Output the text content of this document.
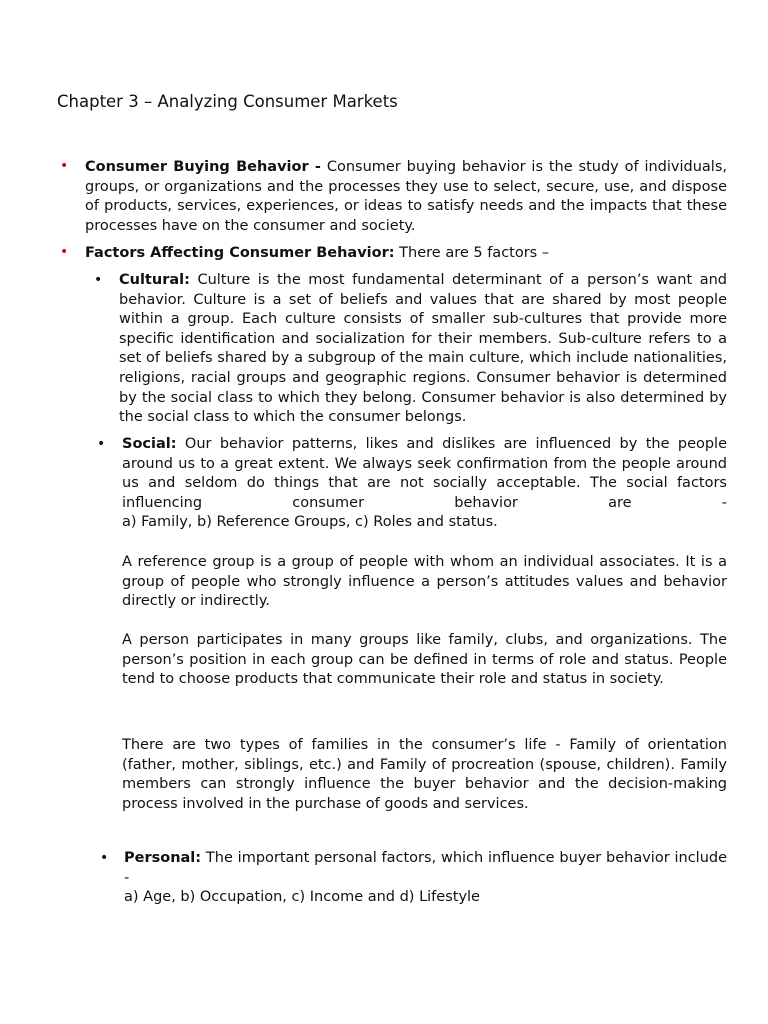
Chapter 3 – Analyzing Consumer Markets
• Consumer Buying Behavior - Consumer buying behavior is the study of individuals, groups, or organizations and the processes they use to select, secure, use, and dispose of products, services, experiences, or ideas to satisfy needs and the impacts that these processes have on the consumer and society.
• Factors Affecting Consumer Behavior: There are 5 factors –
• Cultural: Culture is the most fundamental determinant of a person’s want and behavior. Culture is a set of beliefs and values that are shared by most people within a group. Each culture consists of smaller sub-cultures that provide more specific identification and socialization for their members. Sub-culture refers to a set of beliefs shared by a subgroup of the main culture, which include nationalities, religions, racial groups and geographic regions. Consumer behavior is determined by the social class to which they belong. Consumer behavior is also determined by the social class to which the consumer belongs.
• Social: Our behavior patterns, likes and dislikes are influenced by the people around us to a great extent. We always seek confirmation from the people around us and seldom do things that are not socially acceptable. The social factors influencing consumer behavior are -

a) Family, b) Reference Groups, c) Roles and status.

A reference group is a group of people with whom an individual associates. It is a group of people who strongly influence a person’s attitudes values and behavior directly or indirectly.

A person participates in many groups like family, clubs, and organizations. The person’s position in each group can be defined in terms of role and status. People tend to choose products that communicate their role and status in society.

There are two types of families in the consumer’s life - Family of orientation (father, mother, siblings, etc.) and Family of procreation (spouse, children). Family members can strongly influence the buyer behavior and the decision-making process involved in the purchase of goods and services.

• Personal: The important personal factors, which influence buyer behavior include -

a) Age, b) Occupation, c) Income and d) Lifestyle
